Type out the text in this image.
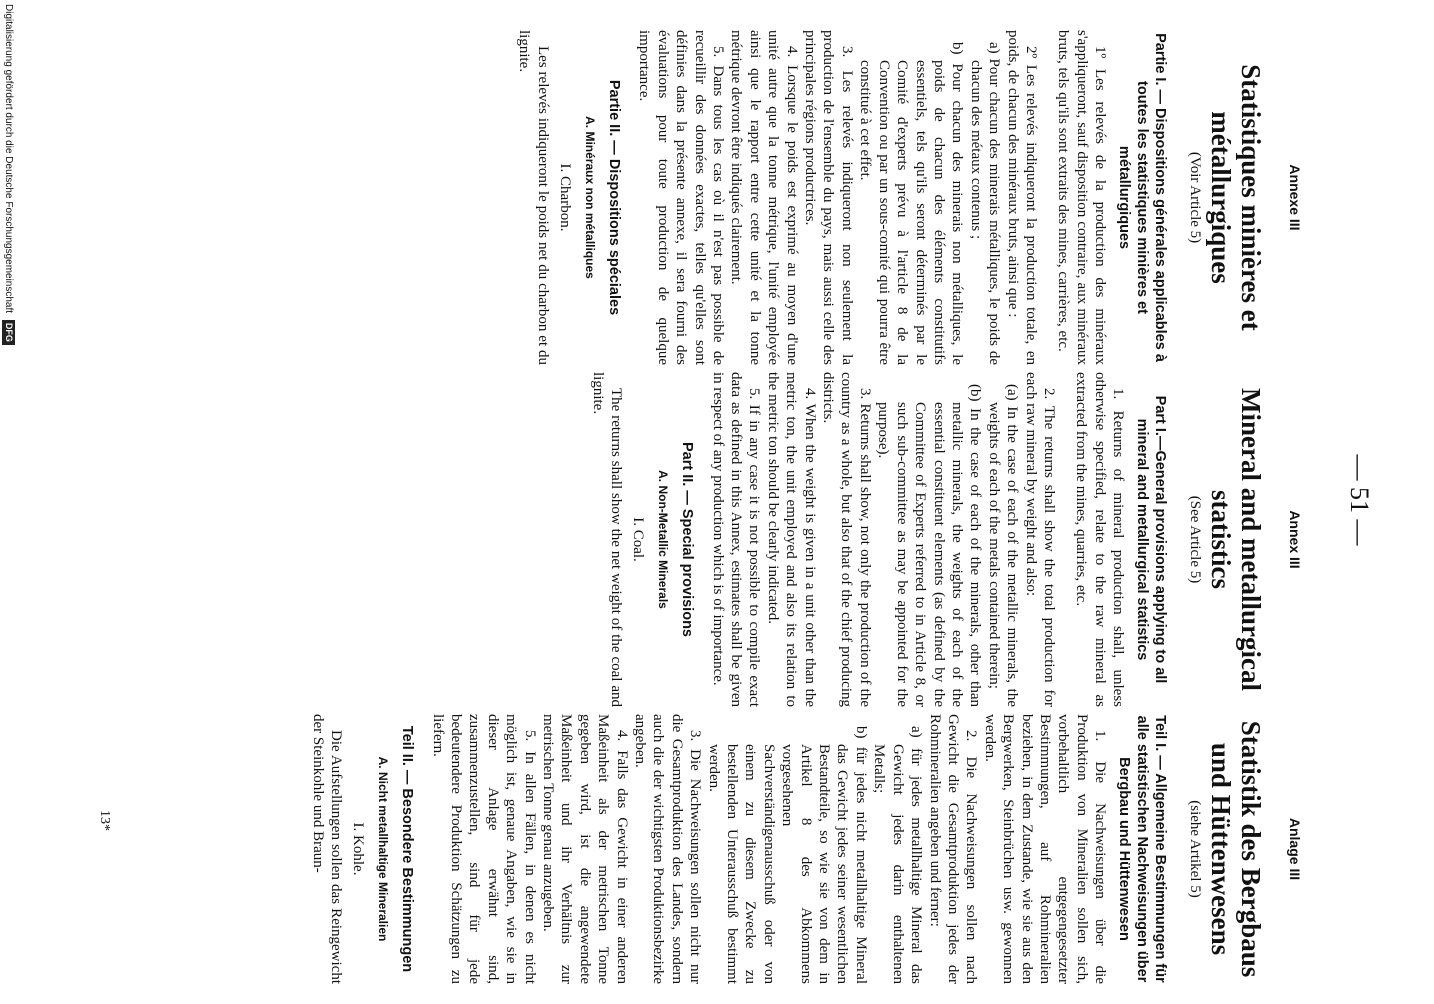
— 51 —
Annexe III
Statistiques minières et métallurgiques
(Voir Article 5)
Partie I. — Dispositions générales applicables à toutes les statistiques minières et métallurgiques

1º Les relevés de la production des minéraux s'appliqueront, sauf disposition contraire, aux minéraux bruts, tels qu'ils sont extraits des mines, carrières, etc.

2º Les relevés indiqueront la production totale, en poids, de chacun des minéraux bruts, ainsi que :

a) Pour chacun des minerais métalliques, le poids de chacun des métaux contenus ;

b) Pour chacun des minerais non métalliques, le poids de chacun des éléments constitutifs essentiels, tels qu'ils seront déterminés par le Comité d'experts prévu à l'article 8 de la Convention ou par un sous-comité qui pourra être constitué à cet effet.

3. Les relevés indiqueront non seulement la production de l'ensemble du pays, mais aussi celle des principales régions productrices.

4. Lorsque le poids est exprimé au moyen d'une unité autre que la tonne métrique, l'unité employée ainsi que le rapport entre cette unité et la tonne métrique devront être indiqués clairement.

5. Dans tous les cas où il n'est pas possible de recueillir des données exactes, telles qu'elles sont définies dans la présente annexe, il sera fourni des évaluations pour toute production de quelque importance.

Partie II. — Dispositions spéciales
A. Minéraux non métalliques
I. Charbon.

Les relevés indiqueront le poids net du charbon et du lignite.

Annex III
Mineral and metallurgical statistics
(See Article 5)
Part I.—General provisions applying to all mineral and metallurgical statistics

1. Returns of mineral production shall, unless otherwise specified, relate to the raw mineral as extracted from the mines, quarries, etc.

2. The returns shall show the total production for each raw mineral by weight and also:

(a) In the case of each of the metallic minerals, the weights of each of the metals contained therein;

(b) In the case of each of the minerals, other than metallic minerals, the weights of each of the essential constituent elements (as defined by the Committee of Experts referred to in Article 8, or such sub-committee as may be appointed for the purpose).

3. Returns shall show, not only the production of the country as a whole, but also that of the chief producing districts.

4. When the weight is given in a unit other than the metric ton, the unit employed and also its relation to the metric ton should be clearly indicated.

5. If in any case it is not possible to compile exact data as defined in this Annex, estimates shall be given in respect of any production which is of importance.

Part II. — Special provisions
A. Non-Metallic Minerals
I. Coal.

The returns shall show the net weight of the coal and lignite.

Anlage III
Statistik des Bergbaus und Hüttenwesens
(siehe Artikel 5)
Teil I. — Allgemeine Bestimmungen für alle statistischen Nachweisungen über Bergbau und Hüttenwesen

1. Die Nachweisungen über die Produktion von Mineralien sollen sich, vorbehaltlich entgegengesetzter Bestimmungen, auf Rohmineralien beziehen, in dem Zustande, wie sie aus den Bergwerken, Steinbrüchen usw. gewonnen werden.

2. Die Nachweisungen sollen nach Gewicht die Gesamtproduktion jedes der Rohmineralien angeben und ferner:

a) für jedes metallhaltige Mineral das Gewicht jedes darin enthaltenen Metalls;

b) für jedes nicht metallhaltige Mineral das Gewicht jedes seiner wesentlichen Bestandteile, so wie sie von dem in Artikel 8 des Abkommens vorgesehenen Sachverständigenausschuß oder von einem zu diesem Zwecke zu bestellenden Unterausschuß bestimmt werden.

3. Die Nachweisungen sollen nicht nur die Gesamtproduktion des Landes, sondern auch die der wichtigsten Produktionsbezirke angeben.

4. Falls das Gewicht in einer anderen Maßeinheit als der metrischen Tonne gegeben wird, ist die angewendete Maßeinheit und ihr Verhältnis zur metrischen Tonne genau anzugeben.

5. In allen Fällen, in denen es nicht möglich ist, genaue Angaben, wie sie in dieser Anlage erwähnt sind, zusammenzustellen, sind für jede bedeutendere Produktion Schätzungen zu liefern.

Teil II. — Besondere Bestimmungen
A. Nicht metallhaltige Mineralien
I. Kohle.

Die Aufstellungen sollen das Reingewicht der Steinkohle und Braun-

13*
Digitalisierung gefördert durch die Deutsche Forschungsgemeinschaft DFG
